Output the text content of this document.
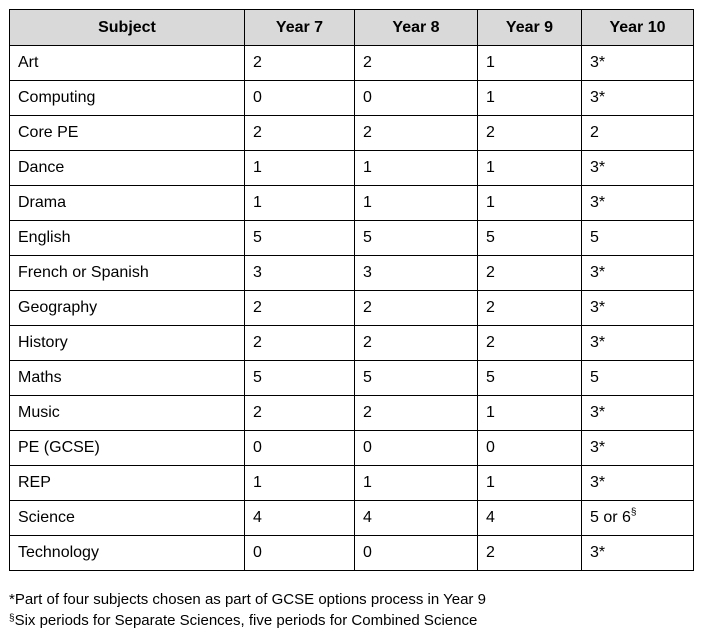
Subject	Year 7	Year 8	Year 9	Year 10
Art	2	2	1	3*
Computing	0	0	1	3*
Core PE	2	2	2	2
Dance	1	1	1	3*
Drama	1	1	1	3*
English	5	5	5	5
French or Spanish	3	3	2	3*
Geography	2	2	2	3*
History	2	2	2	3*
Maths	5	5	5	5
Music	2	2	1	3*
PE (GCSE)	0	0	0	3*
REP	1	1	1	3*
Science	4	4	4	5 or 6§
Technology	0	0	2	3*
*Part of four subjects chosen as part of GCSE options process in Year 9
§Six periods for Separate Sciences, five periods for Combined Science
